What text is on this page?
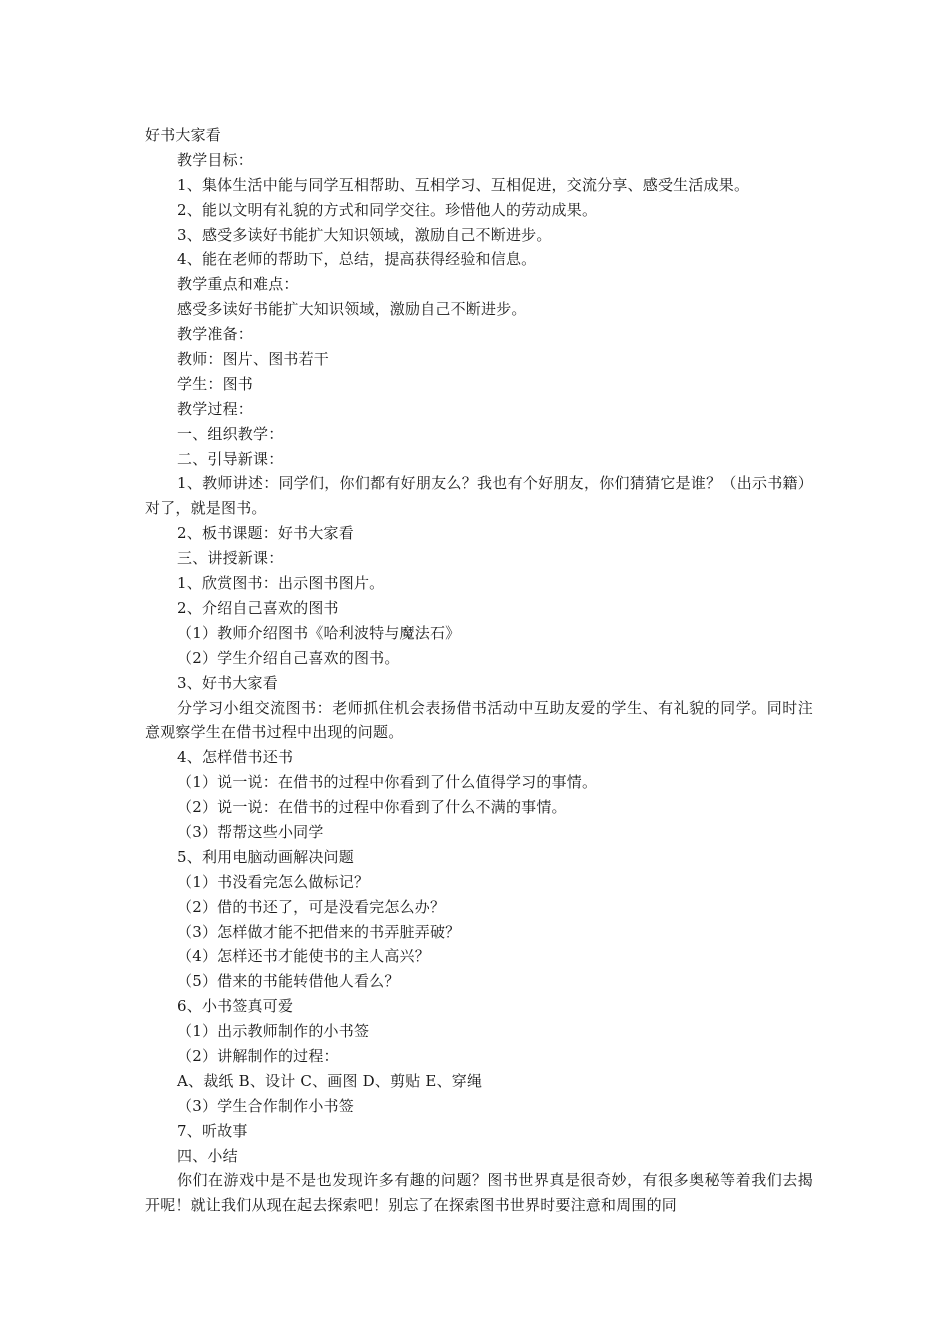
好书大家看
教学目标：
1、集体生活中能与同学互相帮助、互相学习、互相促进，交流分享、感受生活成果。
2、能以文明有礼貌的方式和同学交往。珍惜他人的劳动成果。
3、感受多读好书能扩大知识领域，激励自己不断进步。
4、能在老师的帮助下，总结，提高获得经验和信息。
教学重点和难点：
感受多读好书能扩大知识领域，激励自己不断进步。
教学准备：
教师：图片、图书若干
学生：图书
教学过程：
一、组织教学：
二、引导新课：
1、教师讲述：同学们，你们都有好朋友么？我也有个好朋友，你们猜猜它是谁？（出示书籍）对了，就是图书。
2、板书课题：好书大家看
三、讲授新课：
1、欣赏图书：出示图书图片。
2、介绍自己喜欢的图书
（1）教师介绍图书《哈利波特与魔法石》
（2）学生介绍自己喜欢的图书。
3、好书大家看
分学习小组交流图书：老师抓住机会表扬借书活动中互助友爱的学生、有礼貌的同学。同时注意观察学生在借书过程中出现的问题。
4、怎样借书还书
（1）说一说：在借书的过程中你看到了什么值得学习的事情。
（2）说一说：在借书的过程中你看到了什么不满的事情。
（3）帮帮这些小同学
5、利用电脑动画解决问题
（1）书没看完怎么做标记？
（2）借的书还了，可是没看完怎么办？
（3）怎样做才能不把借来的书弄脏弄破？
（4）怎样还书才能使书的主人高兴？
（5）借来的书能转借他人看么？
6、小书签真可爱
（1）出示教师制作的小书签
（2）讲解制作的过程：
A、裁纸 B、设计 C、画图 D、剪贴 E、穿绳
（3）学生合作制作小书签
7、听故事
四、小结
你们在游戏中是不是也发现许多有趣的问题？图书世界真是很奇妙，有很多奥秘等着我们去揭开呢！就让我们从现在起去探索吧！别忘了在探索图书世界时要注意和周围的同
